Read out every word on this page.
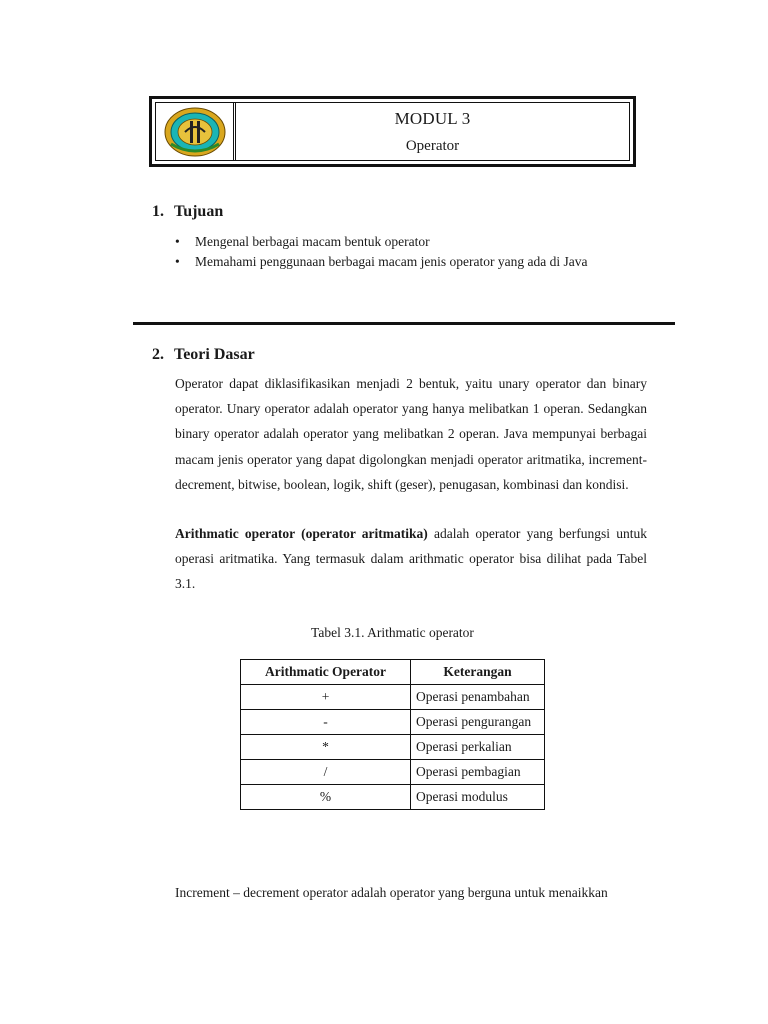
MODUL 3
Operator
1. Tujuan
• Mengenal berbagai macam bentuk operator
• Memahami penggunaan berbagai macam jenis operator yang ada di Java
2. Teori Dasar
Operator dapat diklasifikasikan menjadi 2 bentuk, yaitu unary operator dan binary operator. Unary operator adalah operator yang hanya melibatkan 1 operan. Sedangkan binary operator adalah operator yang melibatkan 2 operan. Java mempunyai berbagai macam jenis operator yang dapat digolongkan menjadi operator aritmatika, increment-decrement, bitwise, boolean, logik, shift (geser), penugasan, kombinasi dan kondisi.
Arithmatic operator (operator aritmatika) adalah operator yang berfungsi untuk operasi aritmatika. Yang termasuk dalam arithmatic operator bisa dilihat pada Tabel 3.1.
Tabel 3.1. Arithmatic operator
Arithmatic Operator	Keterangan
+	Operasi penambahan
-	Operasi pengurangan
*	Operasi perkalian
/	Operasi pembagian
%	Operasi modulus
Increment – decrement operator adalah operator yang berguna untuk menaikkan
